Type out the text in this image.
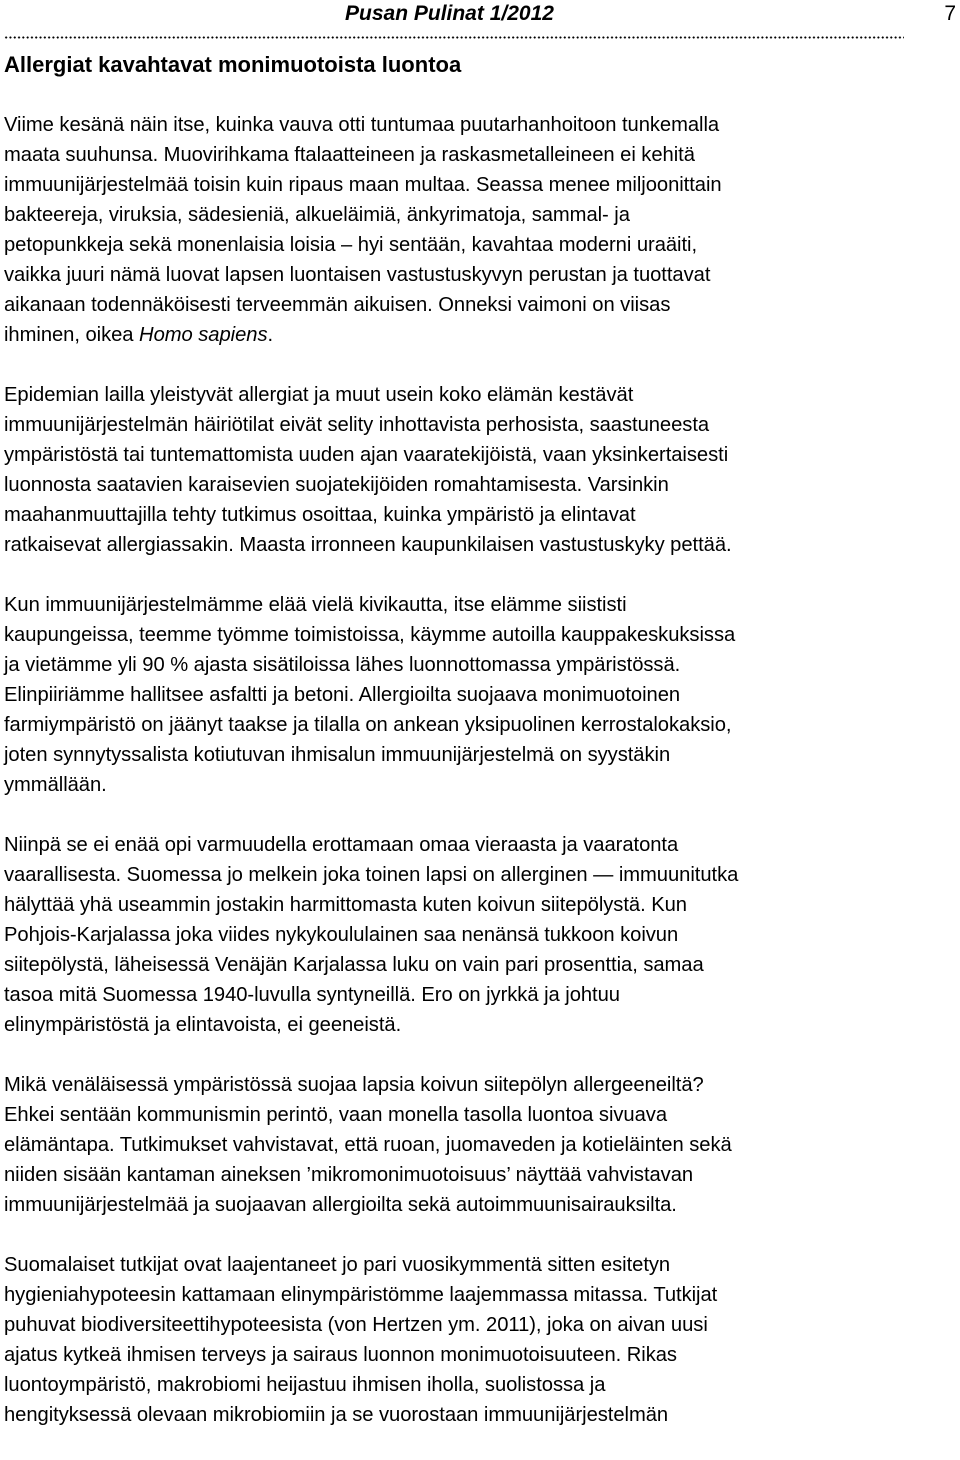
Pusan Pulinat 1/2012	7
Allergiat kavahtavat monimuotoista luontoa

Viime kesänä näin itse, kuinka vauva otti tuntumaa puutarhanhoitoon tunkemalla
maata suuhunsa. Muovirihkama ftalaatteineen ja raskasmetalleineen ei kehitä
immuunijärjestelmää toisin kuin ripaus maan multaa. Seassa menee miljoonittain
bakteereja, viruksia, sädesieniä, alkueläimiä, änkyrimatoja, sammal- ja
petopunkkeja sekä monenlaisia loisia – hyi sentään, kavahtaa moderni uraäiti,
vaikka juuri nämä luovat lapsen luontaisen vastustuskyvyn perustan ja tuottavat
aikanaan todennäköisesti terveemmän aikuisen. Onneksi vaimoni on viisas
ihminen, oikea Homo sapiens.

Epidemian lailla yleistyvät allergiat ja muut usein koko elämän kestävät
immuunijärjestelmän häiriötilat eivät selity inhottavista perhosista, saastuneesta
ympäristöstä tai tuntemattomista uuden ajan vaaratekijöistä, vaan yksinkertaisesti
luonnosta saatavien karaisevien suojatekijöiden romahtamisesta. Varsinkin
maahanmuuttajilla tehty tutkimus osoittaa, kuinka ympäristö ja elintavat
ratkaisevat allergiassakin. Maasta irronneen kaupunkilaisen vastustuskyky pettää.

Kun immuunijärjestelmämme elää vielä kivikautta, itse elämme siististi
kaupungeissa, teemme työmme toimistoissa, käymme autoilla kauppakeskuksissa
ja vietämme yli 90 % ajasta sisätiloissa lähes luonnottomassa ympäristössä.
Elinpiiriämme hallitsee asfaltti ja betoni. Allergioilta suojaava monimuotoinen
farmiympäristö on jäänyt taakse ja tilalla on ankean yksipuolinen kerrostalokaksio,
joten synnytyssalista kotiutuvan ihmisalun immuunijärjestelmä on syystäkin
ymmällään.

Niinpä se ei enää opi varmuudella erottamaan omaa vieraasta ja vaaratonta
vaarallisesta. Suomessa jo melkein joka toinen lapsi on allerginen — immuunitutka
hälyttää yhä useammin jostakin harmittomasta kuten koivun siitepölystä. Kun
Pohjois-Karjalassa joka viides nykykoululainen saa nenänsä tukkoon koivun
siitepölystä, läheisessä Venäjän Karjalassa luku on vain pari prosenttia, samaa
tasoa mitä Suomessa 1940-luvulla syntyneillä. Ero on jyrkkä ja johtuu
elinympäristöstä ja elintavoista, ei geeneistä.

Mikä venäläisessä ympäristössä suojaa lapsia koivun siitepölyn allergeeneiltä?
Ehkei sentään kommunismin perintö, vaan monella tasolla luontoa sivuava
elämäntapa. Tutkimukset vahvistavat, että ruoan, juomaveden ja kotieläinten sekä
niiden sisään kantaman aineksen ’mikromonimuotoisuus’ näyttää vahvistavan
immuunijärjestelmää ja suojaavan allergioilta sekä autoimmuunisairauksilta.

Suomalaiset tutkijat ovat laajentaneet jo pari vuosikymmentä sitten esitetyn
hygieniahypoteesin kattamaan elinympäristömme laajemmassa mitassa. Tutkijat
puhuvat biodiversiteettihypoteesista (von Hertzen ym. 2011), joka on aivan uusi
ajatus kytkeä ihmisen terveys ja sairaus luonnon monimuotoisuuteen. Rikas
luontoympäristö, makrobiomi heijastuu ihmisen iholla, suolistossa ja
hengityksessä olevaan mikrobiomiin ja se vuorostaan immuunijärjestelmän
